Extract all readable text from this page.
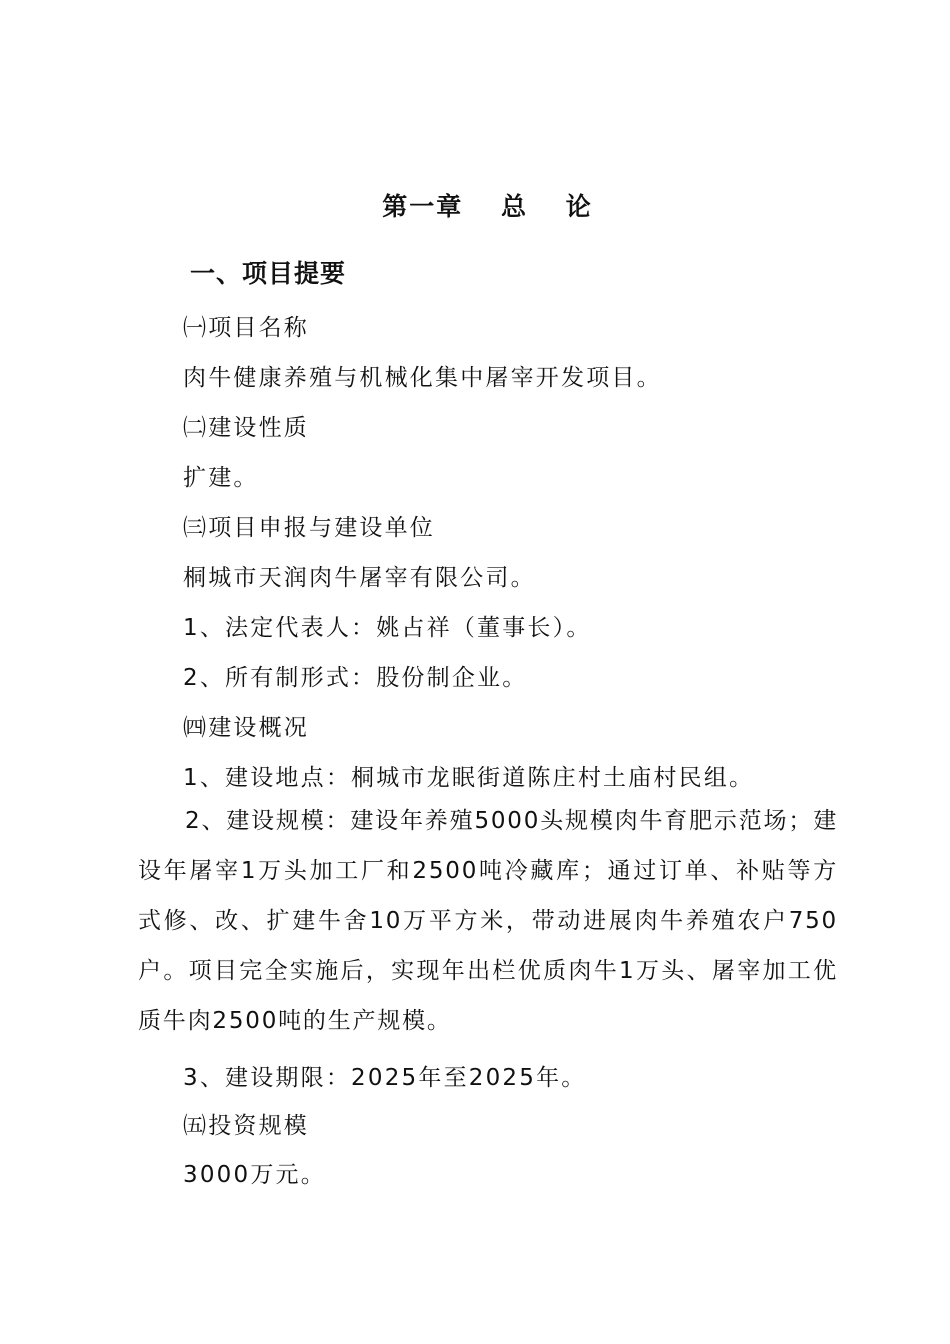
第一章　 总　 论
一、项目提要
㈠项目名称
肉牛健康养殖与机械化集中屠宰开发项目。
㈡建设性质
扩建。
㈢项目申报与建设单位
桐城市天润肉牛屠宰有限公司。
1、法定代表人：姚占祥（董事长）。
2、所有制形式：股份制企业。
㈣建设概况
1、建设地点：桐城市龙眠街道陈庄村土庙村民组。
2、建设规模：建设年养殖5000头规模肉牛育肥示范场；建设年屠宰1万头加工厂和2500吨冷藏库；通过订单、补贴等方式修、改、扩建牛舍10万平方米，带动进展肉牛养殖农户750户。项目完全实施后，实现年出栏优质肉牛1万头、屠宰加工优质牛肉2500吨的生产规模。
3、建设期限：2025年至2025年。
㈤投资规模
3000万元。
